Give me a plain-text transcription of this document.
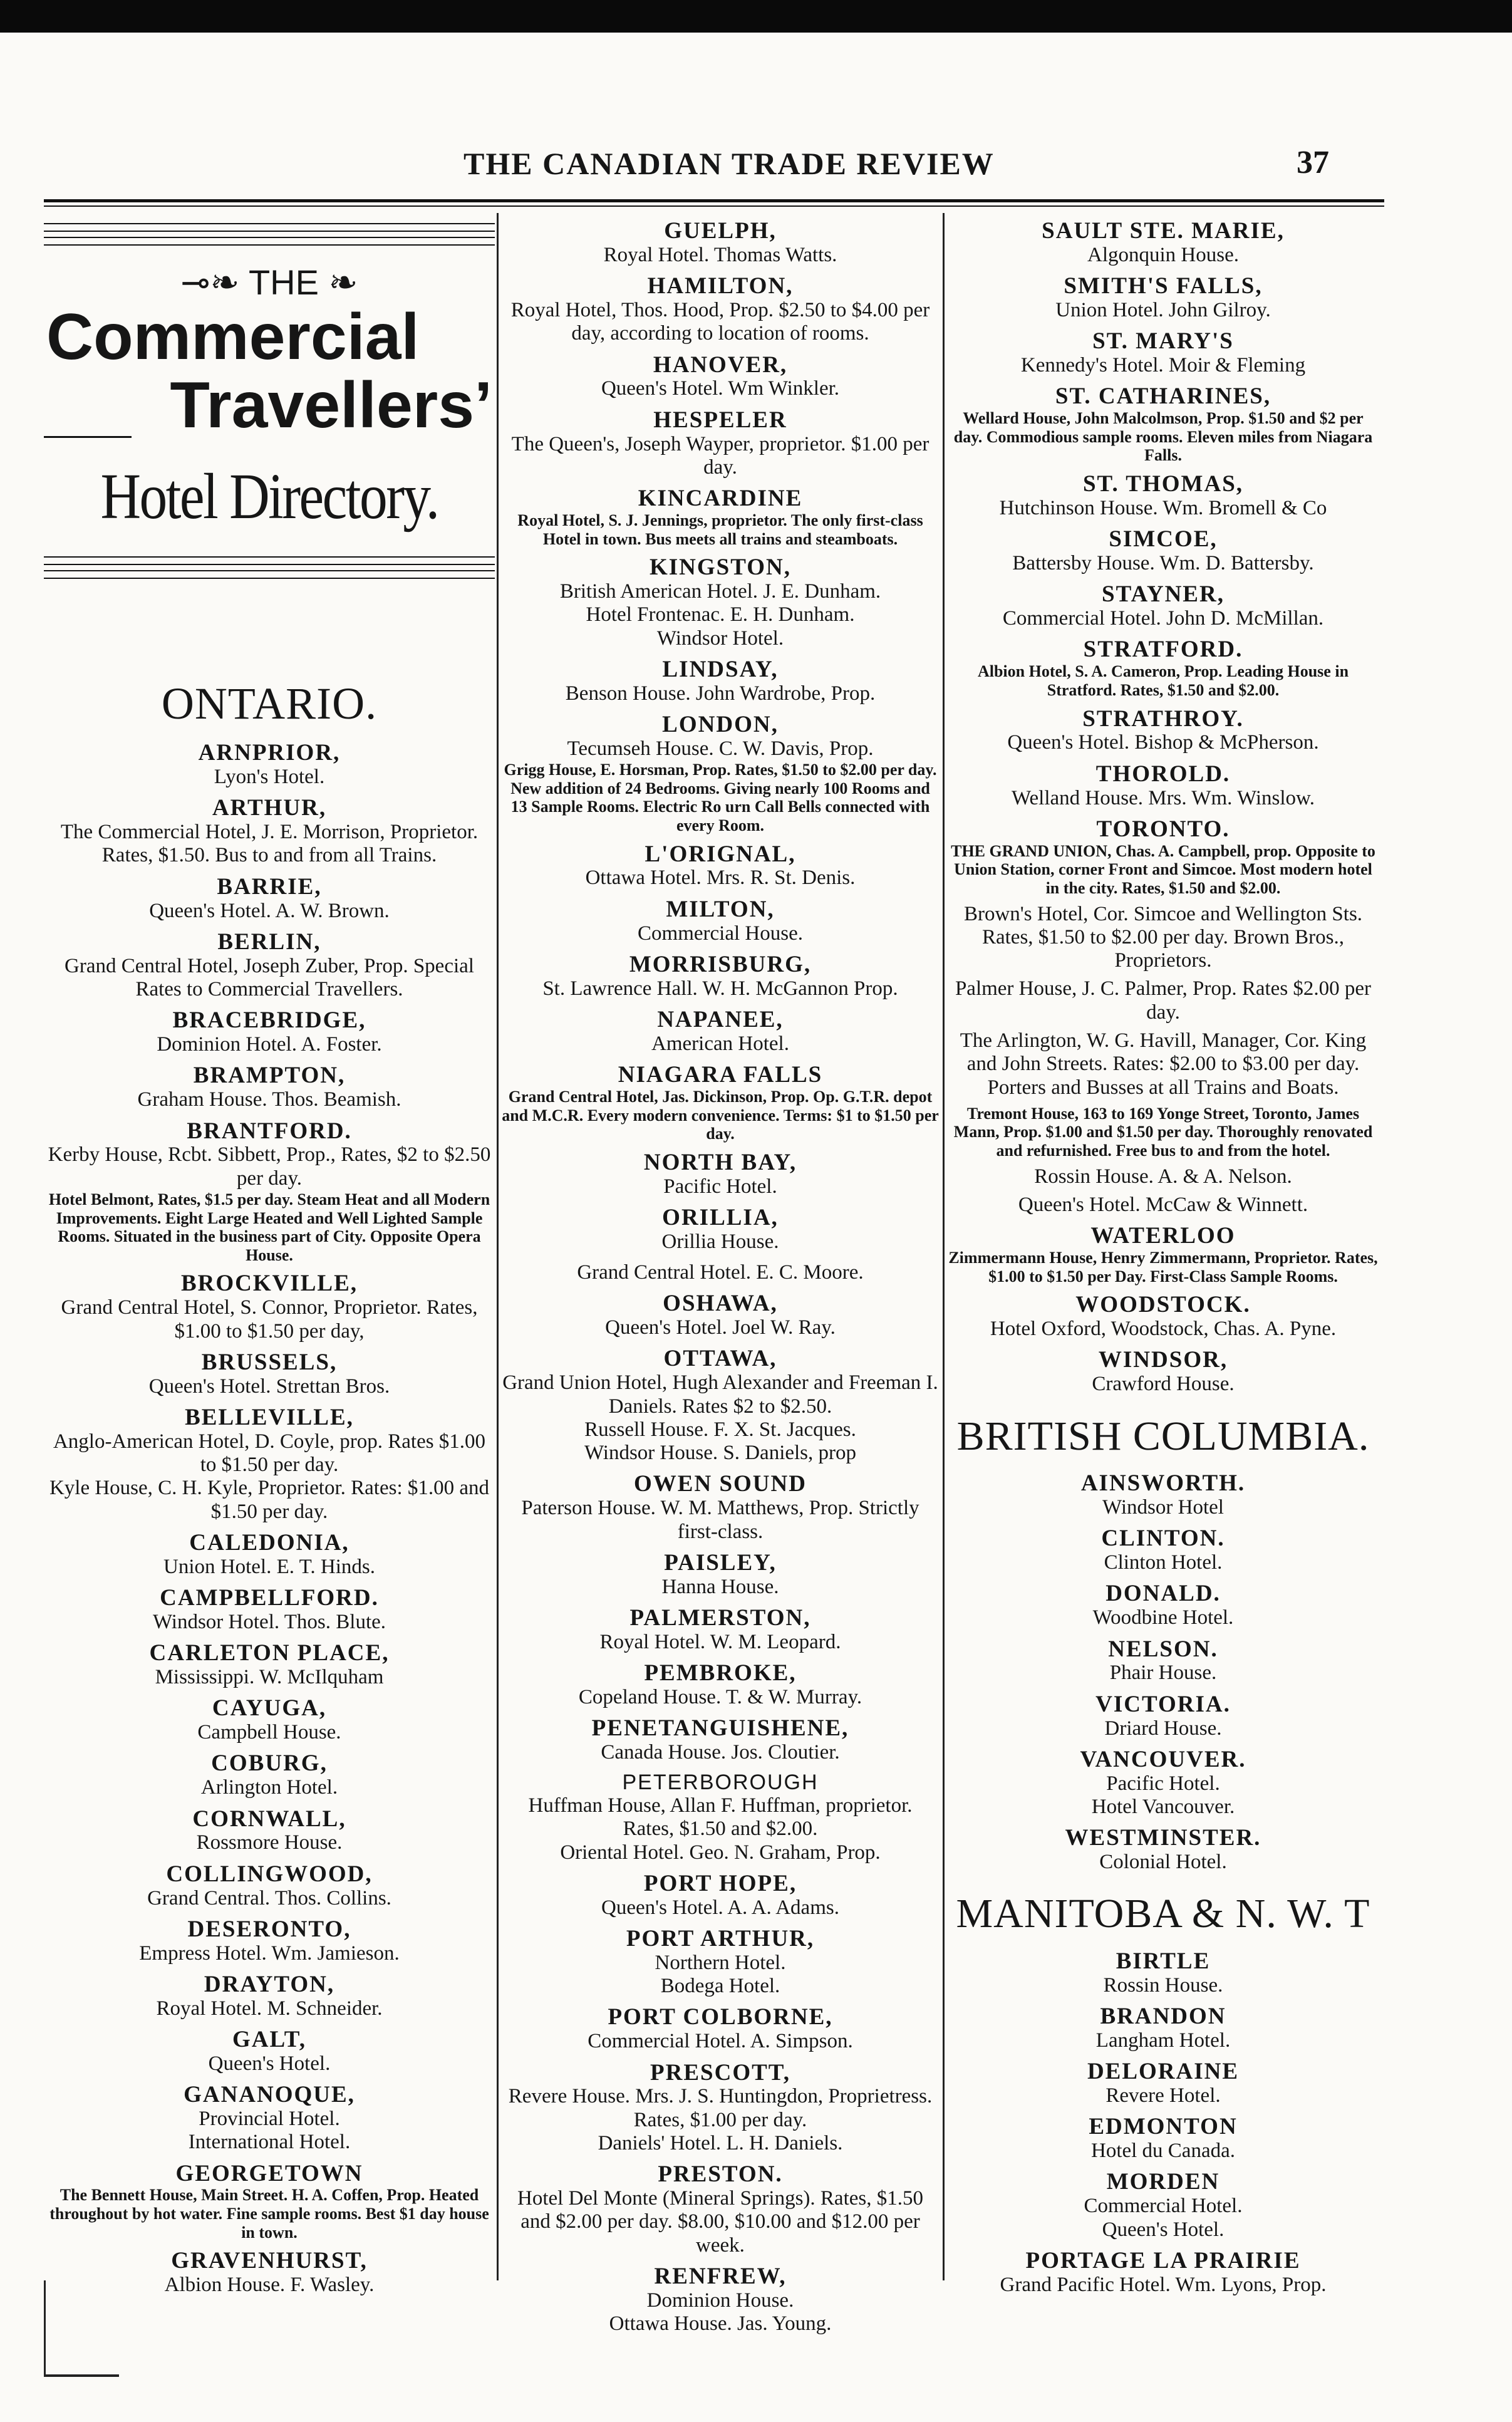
THE CANADIAN TRADE REVIEW	37
⊸❧ THE ❧
Commercial
Travellers’
Hotel Directory.
ONTARIO.
ARNPRIOR,
Lyon's Hotel.
ARTHUR,
The Commercial Hotel, J. E. Morrison, Proprietor. Rates, $1.50. Bus to and from all Trains.
BARRIE,
Queen's Hotel. A. W. Brown.
BERLIN,
Grand Central Hotel, Joseph Zuber, Prop. Special Rates to Commercial Travellers.
BRACEBRIDGE,
Dominion Hotel. A. Foster.
BRAMPTON,
Graham House. Thos. Beamish.
BRANTFORD.
Kerby House, Rcbt. Sibbett, Prop., Rates, $2 to $2.50 per day.
Hotel Belmont, Rates, $1.5 per day. Steam Heat and all Modern Improvements. Eight Large Heated and Well Lighted Sample Rooms. Situated in the business part of City. Opposite Opera House.
BROCKVILLE,
Grand Central Hotel, S. Connor, Proprietor. Rates, $1.00 to $1.50 per day,
BRUSSELS,
Queen's Hotel. Strettan Bros.
BELLEVILLE,
Anglo-American Hotel, D. Coyle, prop. Rates $1.00 to $1.50 per day.
Kyle House, C. H. Kyle, Proprietor. Rates: $1.00 and $1.50 per day.
CALEDONIA,
Union Hotel. E. T. Hinds.
CAMPBELLFORD.
Windsor Hotel. Thos. Blute.
CARLETON PLACE,
Mississippi. W. McIlquham
CAYUGA,
Campbell House.
COBURG,
Arlington Hotel.
CORNWALL,
Rossmore House.
COLLINGWOOD,
Grand Central. Thos. Collins.
DESERONTO,
Empress Hotel. Wm. Jamieson.
DRAYTON,
Royal Hotel. M. Schneider.
GALT,
Queen's Hotel.
GANANOQUE,
Provincial Hotel.
International Hotel.
GEORGETOWN
The Bennett House, Main Street. H. A. Coffen, Prop. Heated throughout by hot water. Fine sample rooms. Best $1 day house in town.
GRAVENHURST,
Albion House. F. Wasley.
GUELPH,
Royal Hotel. Thomas Watts.
HAMILTON,
Royal Hotel, Thos. Hood, Prop. $2.50 to $4.00 per day, according to location of rooms.
HANOVER,
Queen's Hotel. Wm Winkler.
HESPELER
The Queen's, Joseph Wayper, proprietor. $1.00 per day.
KINCARDINE
Royal Hotel, S. J. Jennings, proprietor. The only first-class Hotel in town. Bus meets all trains and steamboats.
KINGSTON,
British American Hotel. J. E. Dunham.
Hotel Frontenac. E. H. Dunham.
Windsor Hotel.
LINDSAY,
Benson House. John Wardrobe, Prop.
LONDON,
Tecumseh House. C. W. Davis, Prop.
Grigg House, E. Horsman, Prop. Rates, $1.50 to $2.00 per day. New addition of 24 Bedrooms. Giving nearly 100 Rooms and 13 Sample Rooms. Electric Ro urn Call Bells connected with every Room.
L'ORIGNAL,
Ottawa Hotel. Mrs. R. St. Denis.
MILTON,
Commercial House.
MORRISBURG,
St. Lawrence Hall. W. H. McGannon Prop.
NAPANEE,
American Hotel.
NIAGARA FALLS
Grand Central Hotel, Jas. Dickinson, Prop. Op. G.T.R. depot and M.C.R. Every modern convenience. Terms: $1 to $1.50 per day.
NORTH BAY,
Pacific Hotel.
ORILLIA,
Orillia House.
Grand Central Hotel. E. C. Moore.
OSHAWA,
Queen's Hotel. Joel W. Ray.
OTTAWA,
Grand Union Hotel, Hugh Alexander and Freeman I. Daniels. Rates $2 to $2.50.
Russell House. F. X. St. Jacques.
Windsor House. S. Daniels, prop
OWEN SOUND
Paterson House. W. M. Matthews, Prop. Strictly first-class.
PAISLEY,
Hanna House.
PALMERSTON,
Royal Hotel. W. M. Leopard.
PEMBROKE,
Copeland House. T. & W. Murray.
PENETANGUISHENE,
Canada House. Jos. Cloutier.
PETERBOROUGH
Huffman House, Allan F. Huffman, proprietor. Rates, $1.50 and $2.00.
Oriental Hotel. Geo. N. Graham, Prop.
PORT HOPE,
Queen's Hotel. A. A. Adams.
PORT ARTHUR,
Northern Hotel.
Bodega Hotel.
PORT COLBORNE,
Commercial Hotel. A. Simpson.
PRESCOTT,
Revere House. Mrs. J. S. Huntingdon, Proprietress. Rates, $1.00 per day.
Daniels' Hotel. L. H. Daniels.
PRESTON.
Hotel Del Monte (Mineral Springs). Rates, $1.50 and $2.00 per day. $8.00, $10.00 and $12.00 per week.
RENFREW,
Dominion House.
Ottawa House. Jas. Young.
SAULT STE. MARIE,
Algonquin House.
SMITH'S FALLS,
Union Hotel. John Gilroy.
ST. MARY'S
Kennedy's Hotel. Moir & Fleming
ST. CATHARINES,
Wellard House, John Malcolmson, Prop. $1.50 and $2 per day. Commodious sample rooms. Eleven miles from Niagara Falls.
ST. THOMAS,
Hutchinson House. Wm. Bromell & Co
SIMCOE,
Battersby House. Wm. D. Battersby.
STAYNER,
Commercial Hotel. John D. McMillan.
STRATFORD.
Albion Hotel, S. A. Cameron, Prop. Leading House in Stratford. Rates, $1.50 and $2.00.
STRATHROY.
Queen's Hotel. Bishop & McPherson.
THOROLD.
Welland House. Mrs. Wm. Winslow.
TORONTO.
THE GRAND UNION, Chas. A. Campbell, prop. Opposite to Union Station, corner Front and Simcoe. Most modern hotel in the city. Rates, $1.50 and $2.00.
Brown's Hotel, Cor. Simcoe and Wellington Sts. Rates, $1.50 to $2.00 per day. Brown Bros., Proprietors.
Palmer House, J. C. Palmer, Prop. Rates $2.00 per day.
The Arlington, W. G. Havill, Manager, Cor. King and John Streets. Rates: $2.00 to $3.00 per day. Porters and Busses at all Trains and Boats.
Tremont House, 163 to 169 Yonge Street, Toronto, James Mann, Prop. $1.00 and $1.50 per day. Thoroughly renovated and refurnished. Free bus to and from the hotel.
Rossin House. A. & A. Nelson.
Queen's Hotel. McCaw & Winnett.
WATERLOO
Zimmermann House, Henry Zimmermann, Proprietor. Rates, $1.00 to $1.50 per Day. First-Class Sample Rooms.
WOODSTOCK.
Hotel Oxford, Woodstock, Chas. A. Pyne.
WINDSOR,
Crawford House.
BRITISH COLUMBIA.
AINSWORTH.
Windsor Hotel
CLINTON.
Clinton Hotel.
DONALD.
Woodbine Hotel.
NELSON.
Phair House.
VICTORIA.
Driard House.
VANCOUVER.
Pacific Hotel.
Hotel Vancouver.
WESTMINSTER.
Colonial Hotel.
MANITOBA & N. W. T
BIRTLE
Rossin House.
BRANDON
Langham Hotel.
DELORAINE
Revere Hotel.
EDMONTON
Hotel du Canada.
MORDEN
Commercial Hotel.
Queen's Hotel.
PORTAGE LA PRAIRIE
Grand Pacific Hotel. Wm. Lyons, Prop.
